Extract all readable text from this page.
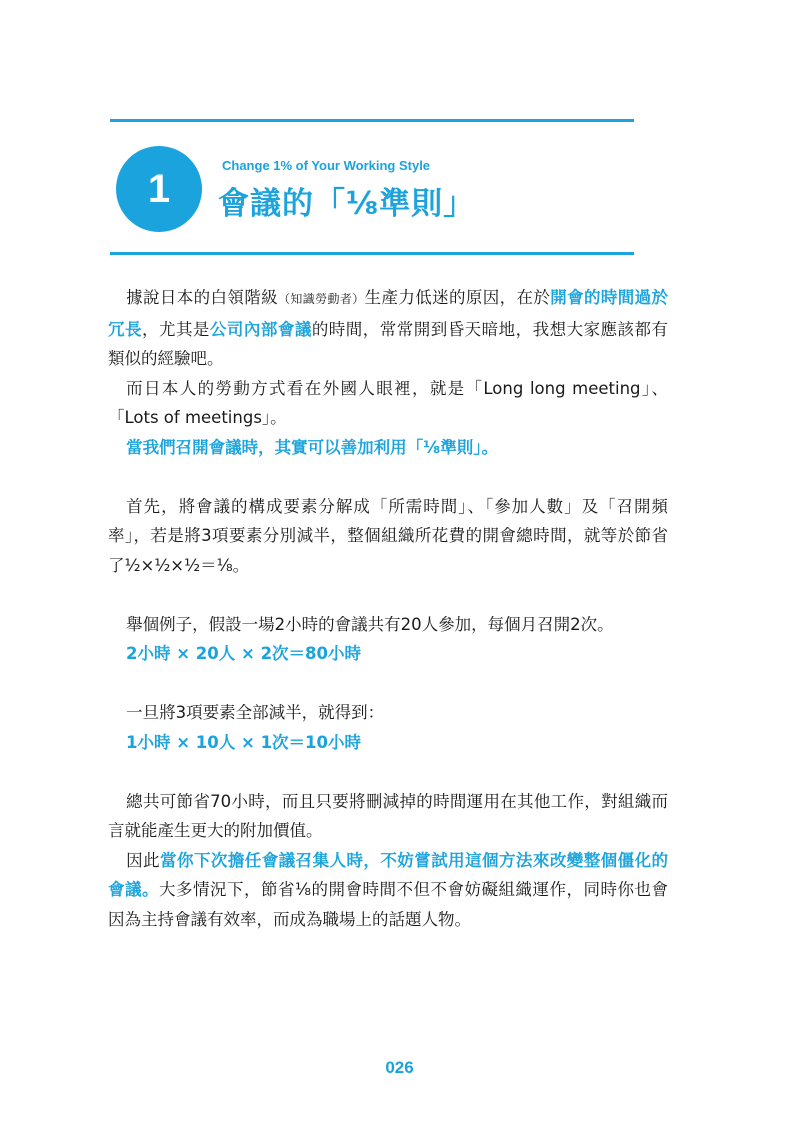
1
Change 1% of Your Working Style
會議的「⅛準則」

據說日本的白領階級（知識勞動者）生產力低迷的原因，在於開會的時間過於冗長，尤其是公司內部會議的時間，常常開到昏天暗地，我想大家應該都有類似的經驗吧。

而日本人的勞動方式看在外國人眼裡，就是「Long long meeting」、「Lots of meetings」。

當我們召開會議時，其實可以善加利用「⅛準則」。

首先，將會議的構成要素分解成「所需時間」、「參加人數」及「召開頻率」，若是將3項要素分別減半，整個組織所花費的開會總時間，就等於節省了½×½×½＝⅛。

舉個例子，假設一場2小時的會議共有20人參加，每個月召開2次。

2小時 × 20人 × 2次＝80小時

一旦將3項要素全部減半，就得到：

1小時 × 10人 × 1次＝10小時

總共可節省70小時，而且只要將刪減掉的時間運用在其他工作，對組織而言就能產生更大的附加價值。

因此當你下次擔任會議召集人時，不妨嘗試用這個方法來改變整個僵化的會議。大多情況下，節省⅛的開會時間不但不會妨礙組織運作，同時你也會因為主持會議有效率，而成為職場上的話題人物。

026
